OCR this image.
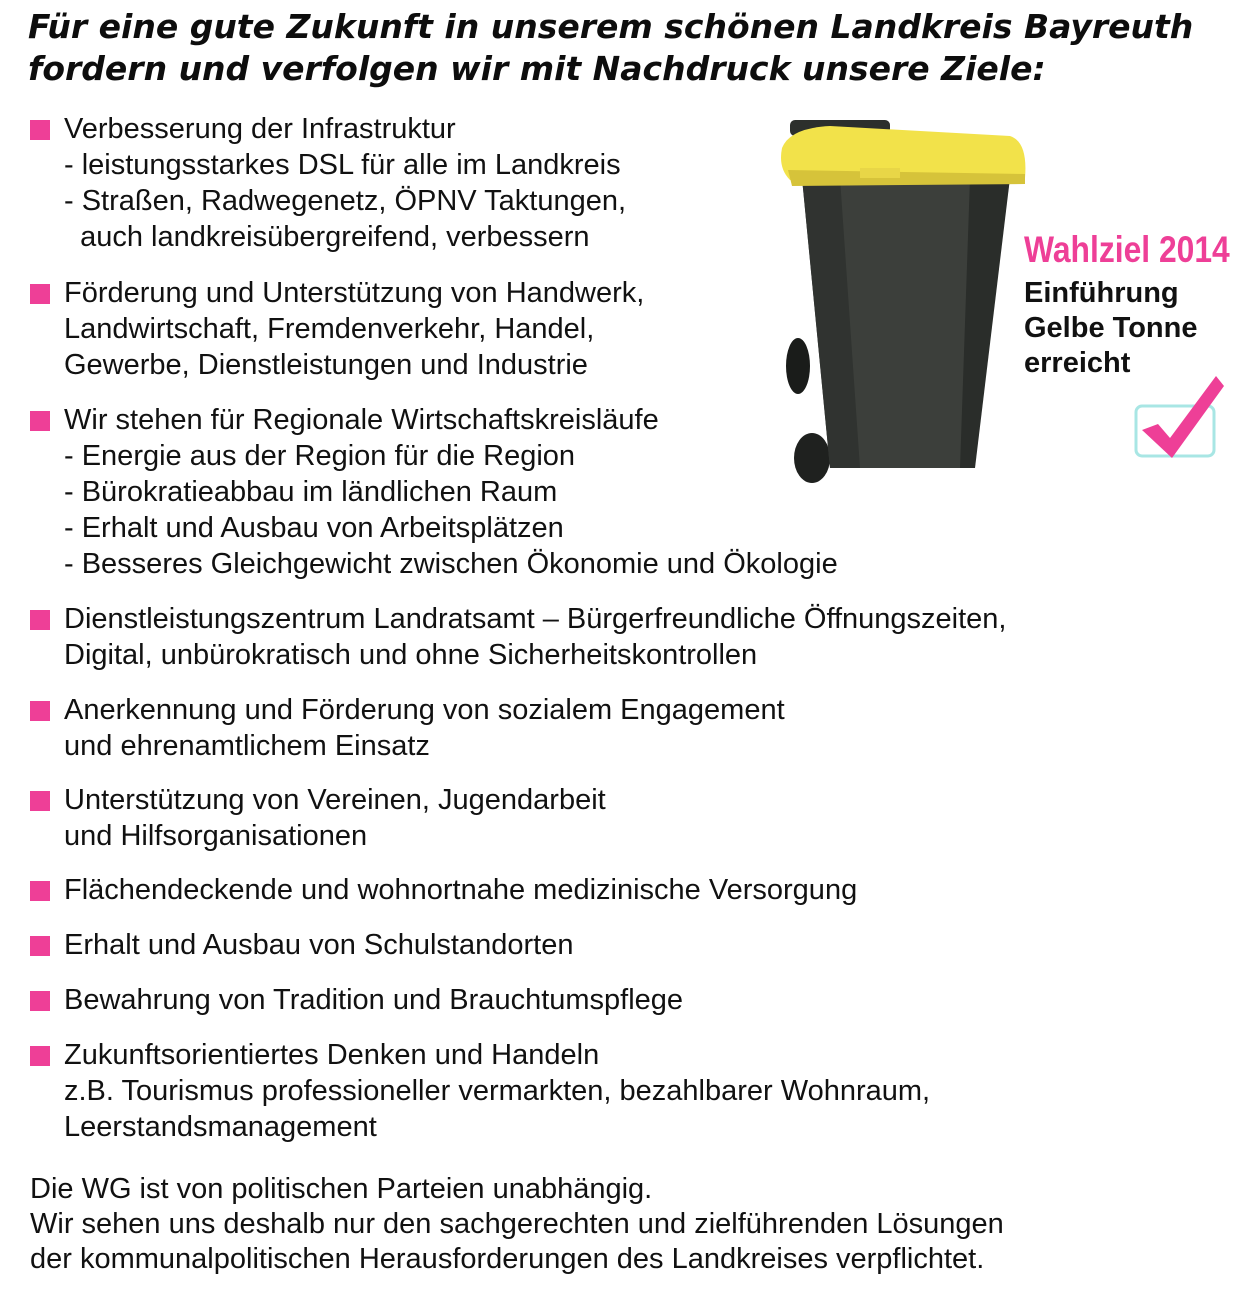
Für eine gute Zukunft in unserem schönen Landkreis Bayreuth
fordern und verfolgen wir mit Nachdruck unsere Ziele:
Verbesserung der Infrastruktur
- leistungsstarkes DSL für alle im Landkreis
- Straßen, Radwegenetz, ÖPNV Taktungen,
auch landkreisübergreifend, verbessern
Förderung und Unterstützung von Handwerk,
Landwirtschaft, Fremdenverkehr, Handel,
Gewerbe, Dienstleistungen und Industrie
Wir stehen für Regionale Wirtschaftskreisläufe
- Energie aus der Region für die Region
- Bürokratieabbau im ländlichen Raum
- Erhalt und Ausbau von Arbeitsplätzen
- Besseres Gleichgewicht zwischen Ökonomie und Ökologie
Dienstleistungszentrum Landratsamt – Bürgerfreundliche Öffnungszeiten,
Digital, unbürokratisch und ohne Sicherheitskontrollen
Anerkennung und Förderung von sozialem Engagement
und ehrenamtlichem Einsatz
Unterstützung von Vereinen, Jugendarbeit
und Hilfsorganisationen
Flächendeckende und wohnortnahe medizinische Versorgung
Erhalt und Ausbau von Schulstandorten
Bewahrung von Tradition und Brauchtumspflege
Zukunftsorientiertes Denken und Handeln
z.B. Tourismus professioneller vermarkten, bezahlbarer Wohnraum,
Leerstandsmanagement
Wahlziel 2014
Einführung
Gelbe Tonne
erreicht
Die WG ist von politischen Parteien unabhängig.
Wir sehen uns deshalb nur den sachgerechten und zielführenden Lösungen
der kommunalpolitischen Herausforderungen des Landkreises verpflichtet.
